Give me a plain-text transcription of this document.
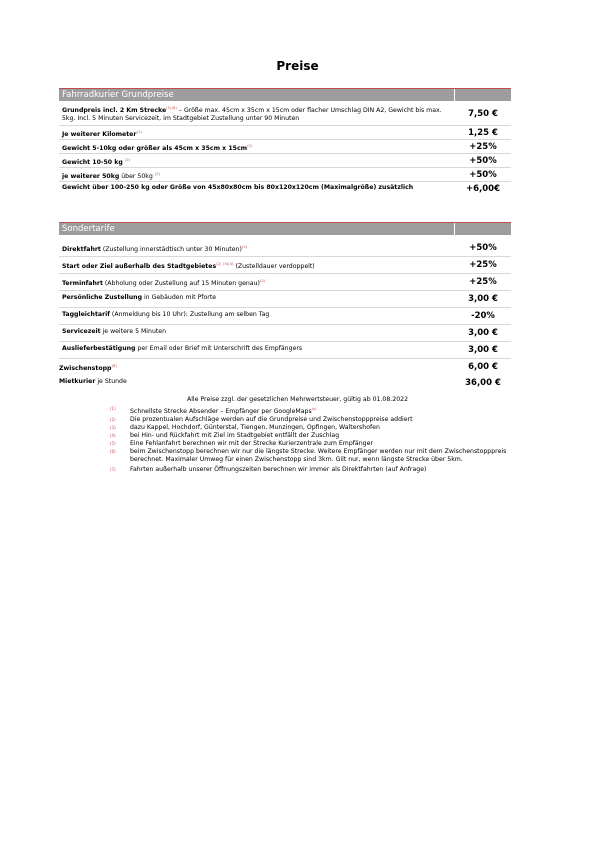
Preise
Fahrradkurier Grundpreise
Grundpreis incl. 2 Km Strecke$^{(1)(6)}$ – Größe max. 45cm x 35cm x 15cm oder flacher Umschlag DIN A2, Gewicht bis max. 5kg. Incl. 5 Minuten Servicezeit, im Stadtgebiet Zustellung unter 90 Minuten	7,50 €
Je weiterer Kilometer$^{(1)}$	1,25 €
Gewicht 5-10kg oder größer als 45cm x 35cm x $15cm^{(2)}$	+25%
Gewicht 10-50 kg $^{(2)}$	+50%
je weiterer 50kg über 50kg $^{(2)}$	+50%
Gewicht über 100-250 kg oder Größe von 45x80x80cm bis 80x120x120cm (Maximalgröße) zusätzlich	+6,00€
Sondertarife
Direktfahrt (Zustellung innerstädtisch unter 30 Minuten)$^{(2)}$	+50%
Start oder Ziel außerhalb des Stadtgebietes$^{(2) (3)(4)}$ (Zustelldauer verdoppelt)	+25%
Terminfahrt (Abholung oder Zustellung auf 15 Minuten genau)$^{(2)}$	+25%
Persönliche Zustellung in Gebäuden mit Pforte	3,00 €
Taggleichtarif (Anmeldung bis 10 Uhr): Zustellung am selben Tag	-20%
Servicezeit je weitere 5 Minuten	3,00 €
Auslieferbestätigung per Email oder Brief mit Unterschrift des Empfängers	3,00 €
Zwischenstopp$^{(6)}$	6,00 €
Mietkurier je Stunde	36,00 €
Alle Preise zzgl. der gesetzlichen Mehrwertsteuer, gültig ab 01.08.2022
(1) Schnellste Strecke Absender – Empfänger per GoogleMaps$^{(s)}$
(2) Die prozentualen Aufschläge werden auf die Grundpreise und Zwischenstopppreise addiert
(3) dazu Kappel, Hochdorf, Günterstal, Tiengen, Munzingen, Opfingen, Waltershofen
(4) bei Hin- und Rückfahrt mit Ziel im Stadtgebiet entfällt der Zuschlag
(5) Eine Fehlanfahrt berechnen wir mit der Strecke Kurierzentrale zum Empfänger
(6) beim Zwischenstopp berechnen wir nur die längste Strecke. Weitere Empfänger werden nur mit dem Zwischenstopppreis berechnet. Maximaler Umweg für einen Zwischenstopp sind 3km. Gilt nur, wenn längste Strecke über 5km.
(7) Fahrten außerhalb unserer Öffnungszeiten berechnen wir immer als Direktfahrten (auf Anfrage)
